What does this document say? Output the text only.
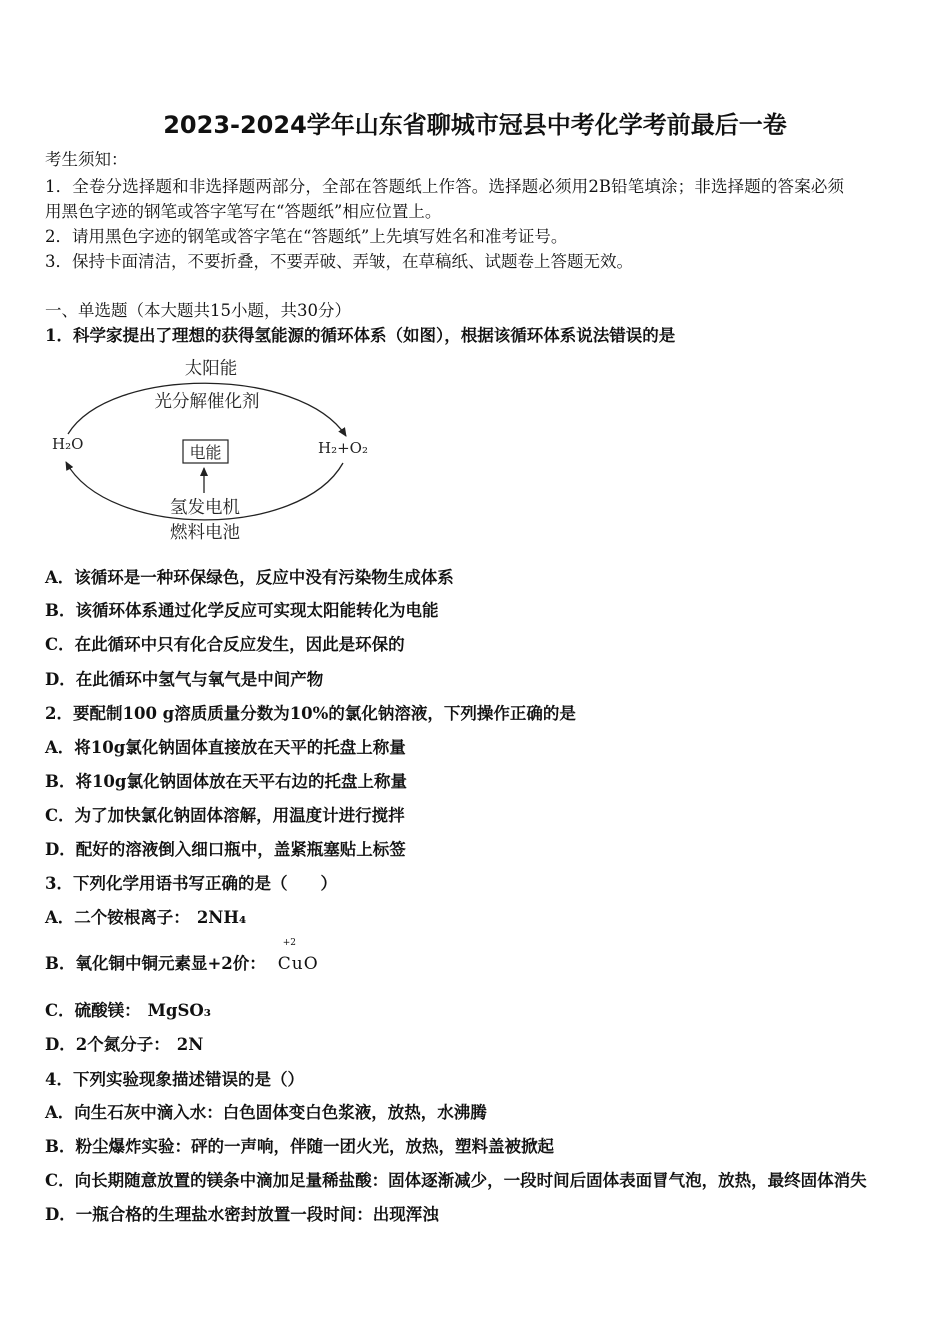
2023-2024学年山东省聊城市冠县中考化学考前最后一卷
考生须知：
1．全卷分选择题和非选择题两部分，全部在答题纸上作答。选择题必须用2B铅笔填涂；非选择题的答案必须用黑色字迹的钢笔或答字笔写在“答题纸”相应位置上。
2．请用黑色字迹的钢笔或答字笔在“答题纸”上先填写姓名和准考证号。
3．保持卡面清洁，不要折叠，不要弄破、弄皱，在草稿纸、试题卷上答题无效。
一、单选题（本大题共15小题，共30分）
1．科学家提出了理想的获得氢能源的循环体系（如图），根据该循环体系说法错误的是
太阳能
光分解催化剂
H₂O	电能	H₂+O₂
氢发电机
燃料电池
A．该循环是一种环保绿色，反应中没有污染物生成体系
B．该循环体系通过化学反应可实现太阳能转化为电能
C．在此循环中只有化合反应发生，因此是环保的
D．在此循环中氢气与氧气是中间产物
2．要配制100 g溶质质量分数为10%的氯化钠溶液，下列操作正确的是
A．将10g氯化钠固体直接放在天平的托盘上称量
B．将10g氯化钠固体放在天平右边的托盘上称量
C．为了加快氯化钠固体溶解，用温度计进行搅拌
D．配好的溶液倒入细口瓶中，盖紧瓶塞贴上标签
3．下列化学用语书写正确的是（　　）
A．二个铵根离子： 2NH₄
B．氧化铜中铜元素显+2价：
+2
CuO
C．硫酸镁： MgSO₃
D．2个氮分子： 2N
4．下列实验现象描述错误的是（）
A．向生石灰中滴入水：白色固体变白色浆液，放热，水沸腾
B．粉尘爆炸实验：砰的一声响，伴随一团火光，放热，塑料盖被掀起
C．向长期随意放置的镁条中滴加足量稀盐酸：固体逐渐减少，一段时间后固体表面冒气泡，放热，最终固体消失
D．一瓶合格的生理盐水密封放置一段时间：出现浑浊
